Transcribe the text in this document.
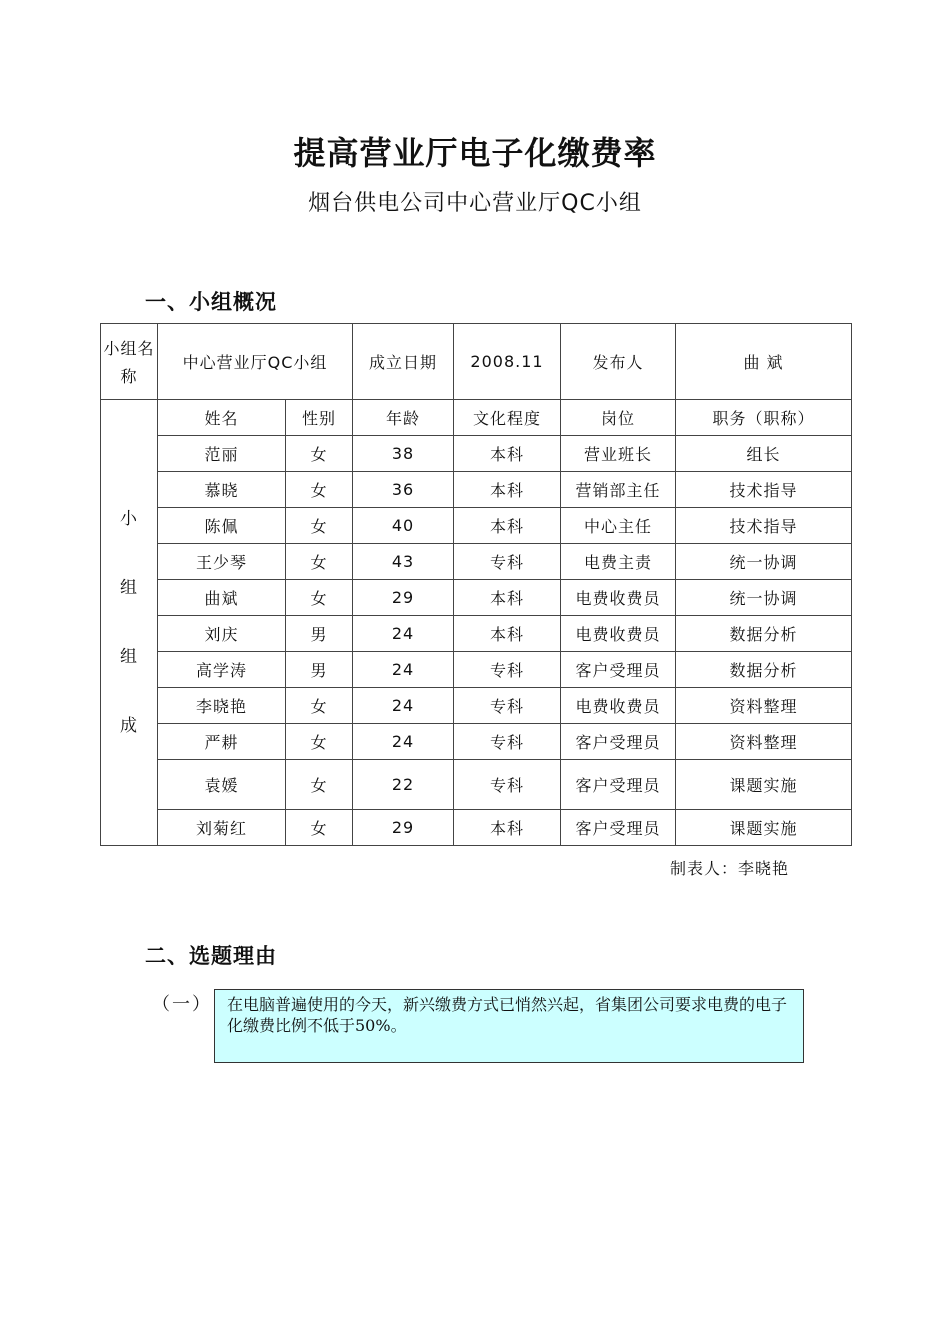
提高营业厅电子化缴费率
烟台供电公司中心营业厅QC小组
一、小组概况
小组名称	中心营业厅QC小组		成立日期	2008.11	发布人	曲 斌

小
组
组
成	姓名	性别	年龄	文化程度	岗位	职务（职称）
	范丽	女	38	本科	营业班长	组长
	慕晓	女	36	本科	营销部主任	技术指导
	陈佩	女	40	本科	中心主任	技术指导
	王少琴	女	43	专科	电费主责	统一协调
	曲斌	女	29	本科	电费收费员	统一协调
	刘庆	男	24	本科	电费收费员	数据分析
	高学涛	男	24	专科	客户受理员	数据分析
	李晓艳	女	24	专科	电费收费员	资料整理
	严耕	女	24	专科	客户受理员	资料整理
	袁媛	女	22	专科	客户受理员	课题实施
	刘菊红	女	29	本科	客户受理员	课题实施
制表人：李晓艳
二、选题理由
（一） 在电脑普遍使用的今天，新兴缴费方式已悄然兴起，省集团公司要求电费的电子化缴费比例不低于50%。
